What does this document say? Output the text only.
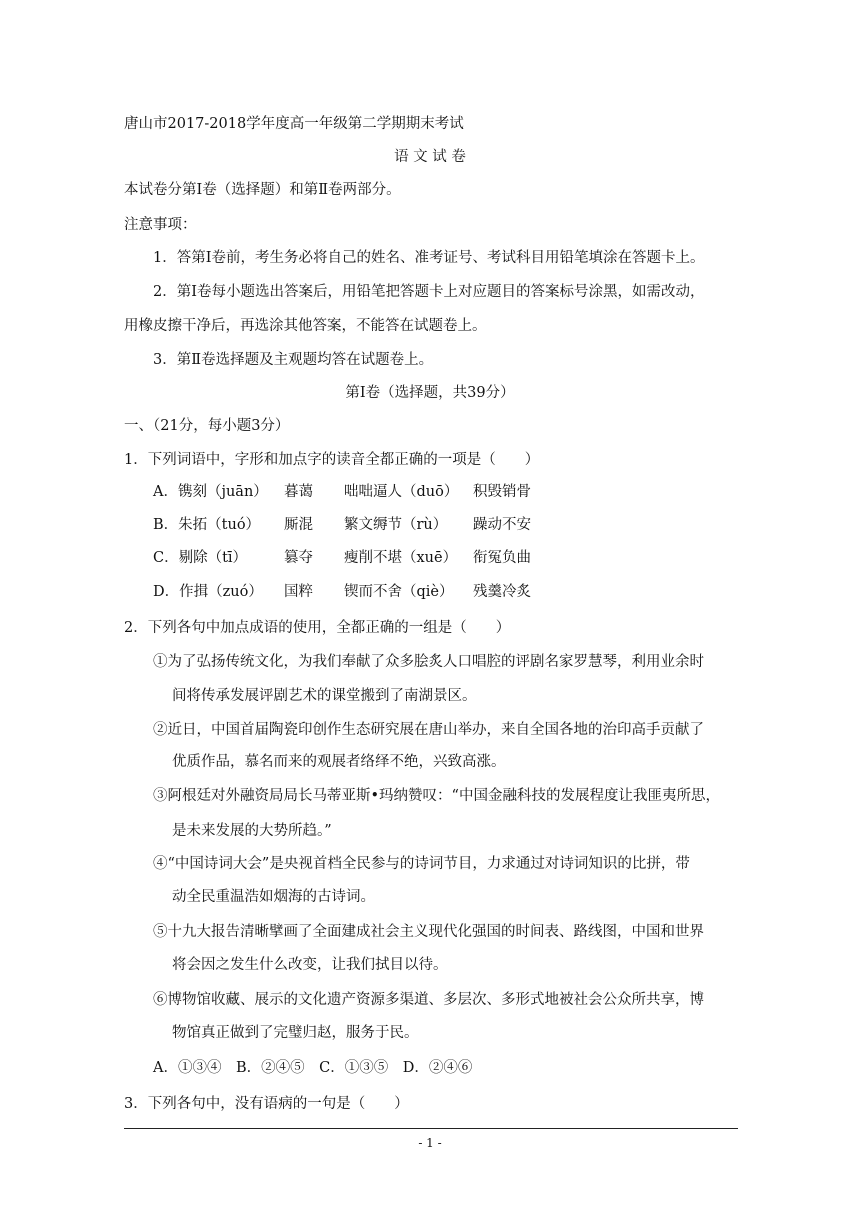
唐山市2017-2018学年度高一年级第二学期期末考试
语 文 试 卷
本试卷分第Ⅰ卷（选择题）和第Ⅱ卷两部分。
注意事项：
1．答第Ⅰ卷前，考生务必将自己的姓名、准考证号、考试科目用铅笔填涂在答题卡上。
2．第Ⅰ卷每小题选出答案后，用铅笔把答题卡上对应题目的答案标号涂黑，如需改动，
用橡皮擦干净后，再选涂其他答案，不能答在试题卷上。
3．第Ⅱ卷选择题及主观题均答在试题卷上。
第Ⅰ卷（选择题，共39分）
一、（21分，每小题3分）
1．下列词语中，字形和加点字的读音全都正确的一项是（　　）
A．镌刻（juān） 暮蔼 咄咄逼人（duō） 积毁销骨
B．朱拓（tuó） 厮混 繁文缛节（rù） 躁动不安
C．剔除（tī）	篡夺 瘦削不堪（xuē） 衔冤负曲
D．作揖（zuó） 国粹 锲而不舍（qiè） 残羹冷炙
2．下列各句中加点成语的使用，全都正确的一组是（　　）
①为了弘扬传统文化，为我们奉献了众多脍炙人口唱腔的评剧名家罗慧琴，利用业余时
间将传承发展评剧艺术的课堂搬到了南湖景区。
②近日，中国首届陶瓷印创作生态研究展在唐山举办，来自全国各地的治印高手贡献了
优质作品，慕名而来的观展者络绎不绝，兴致高涨。
③阿根廷对外融资局局长马蒂亚斯•玛纳赞叹：“中国金融科技的发展程度让我匪夷所思，
是未来发展的大势所趋。”
④“中国诗词大会”是央视首档全民参与的诗词节目，力求通过对诗词知识的比拼，带
动全民重温浩如烟海的古诗词。
⑤十九大报告清晰擘画了全面建成社会主义现代化强国的时间表、路线图，中国和世界
将会因之发生什么改变，让我们拭目以待。
⑥博物馆收藏、展示的文化遗产资源多渠道、多层次、多形式地被社会公众所共享，博
物馆真正做到了完璧归赵，服务于民。
A．①③④　B．②④⑤　C．①③⑤　D．②④⑥
3．下列各句中，没有语病的一句是（　　）
- 1 -
